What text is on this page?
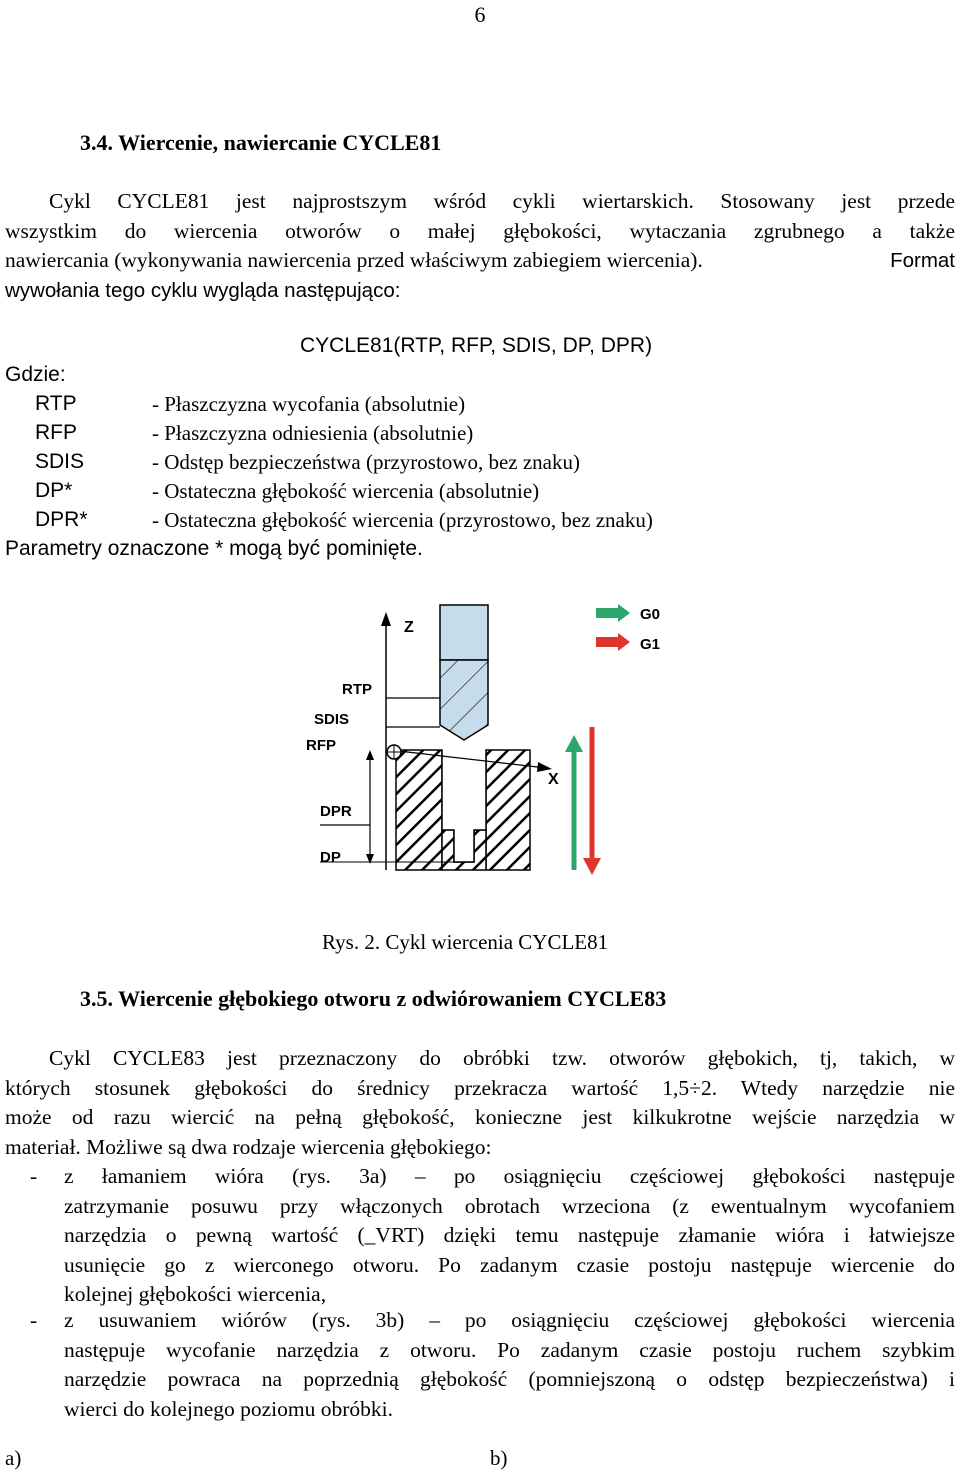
6
3.4. Wiercenie, nawiercanie CYCLE81
Cykl CYCLE81 jest najprostszym wśród cykli wiertarskich. Stosowany jest przede
wszystkim do wiercenia otworów o małej głębokości, wytaczania zgrubnego a także
nawiercania (wykonywania nawiercenia przed właściwym zabiegiem wiercenia).	Format
wywołania tego cyklu wygląda następująco:
CYCLE81(RTP, RFP, SDIS, DP, DPR)
Gdzie:
RTP	- Płaszczyzna wycofania (absolutnie)
RFP	- Płaszczyzna odniesienia (absolutnie)
SDIS	- Odstęp bezpieczeństwa (przyrostowo, bez znaku)
DP*	- Ostateczna głębokość wiercenia (absolutnie)
DPR*	- Ostateczna głębokość wiercenia (przyrostowo, bez znaku)
Parametry oznaczone * mogą być pominięte.
Z
X
RTP
SDIS
RFP
DPR
DP
G0
G1
Rys. 2. Cykl wiercenia CYCLE81
3.5. Wiercenie głębokiego otworu z odwiórowaniem CYCLE83
Cykl CYCLE83 jest przeznaczony do obróbki tzw. otworów głębokich, tj, takich, w
których stosunek głębokości do średnicy przekracza wartość 1,5÷2. Wtedy narzędzie nie
może od razu wiercić na pełną głębokość, konieczne jest kilkukrotne wejście narzędzia w
materiał. Możliwe są dwa rodzaje wiercenia głębokiego:
- z łamaniem wióra (rys. 3a) – po osiągnięciu częściowej głębokości następuje
zatrzymanie posuwu przy włączonych obrotach wrzeciona (z ewentualnym wycofaniem
narzędzia o pewną wartość (_VRT) dzięki temu następuje złamanie wióra i łatwiejsze
usunięcie go z wierconego otworu. Po zadanym czasie postoju następuje wiercenie do
kolejnej głębokości wiercenia,
- z usuwaniem wiórów (rys. 3b) – po osiągnięciu częściowej głębokości wiercenia
następuje wycofanie narzędzia z otworu. Po zadanym czasie postoju ruchem szybkim
narzędzie powraca na poprzednią głębokość (pomniejszoną o odstęp bezpieczeństwa) i
wierci do kolejnego poziomu obróbki.
a)	b)
